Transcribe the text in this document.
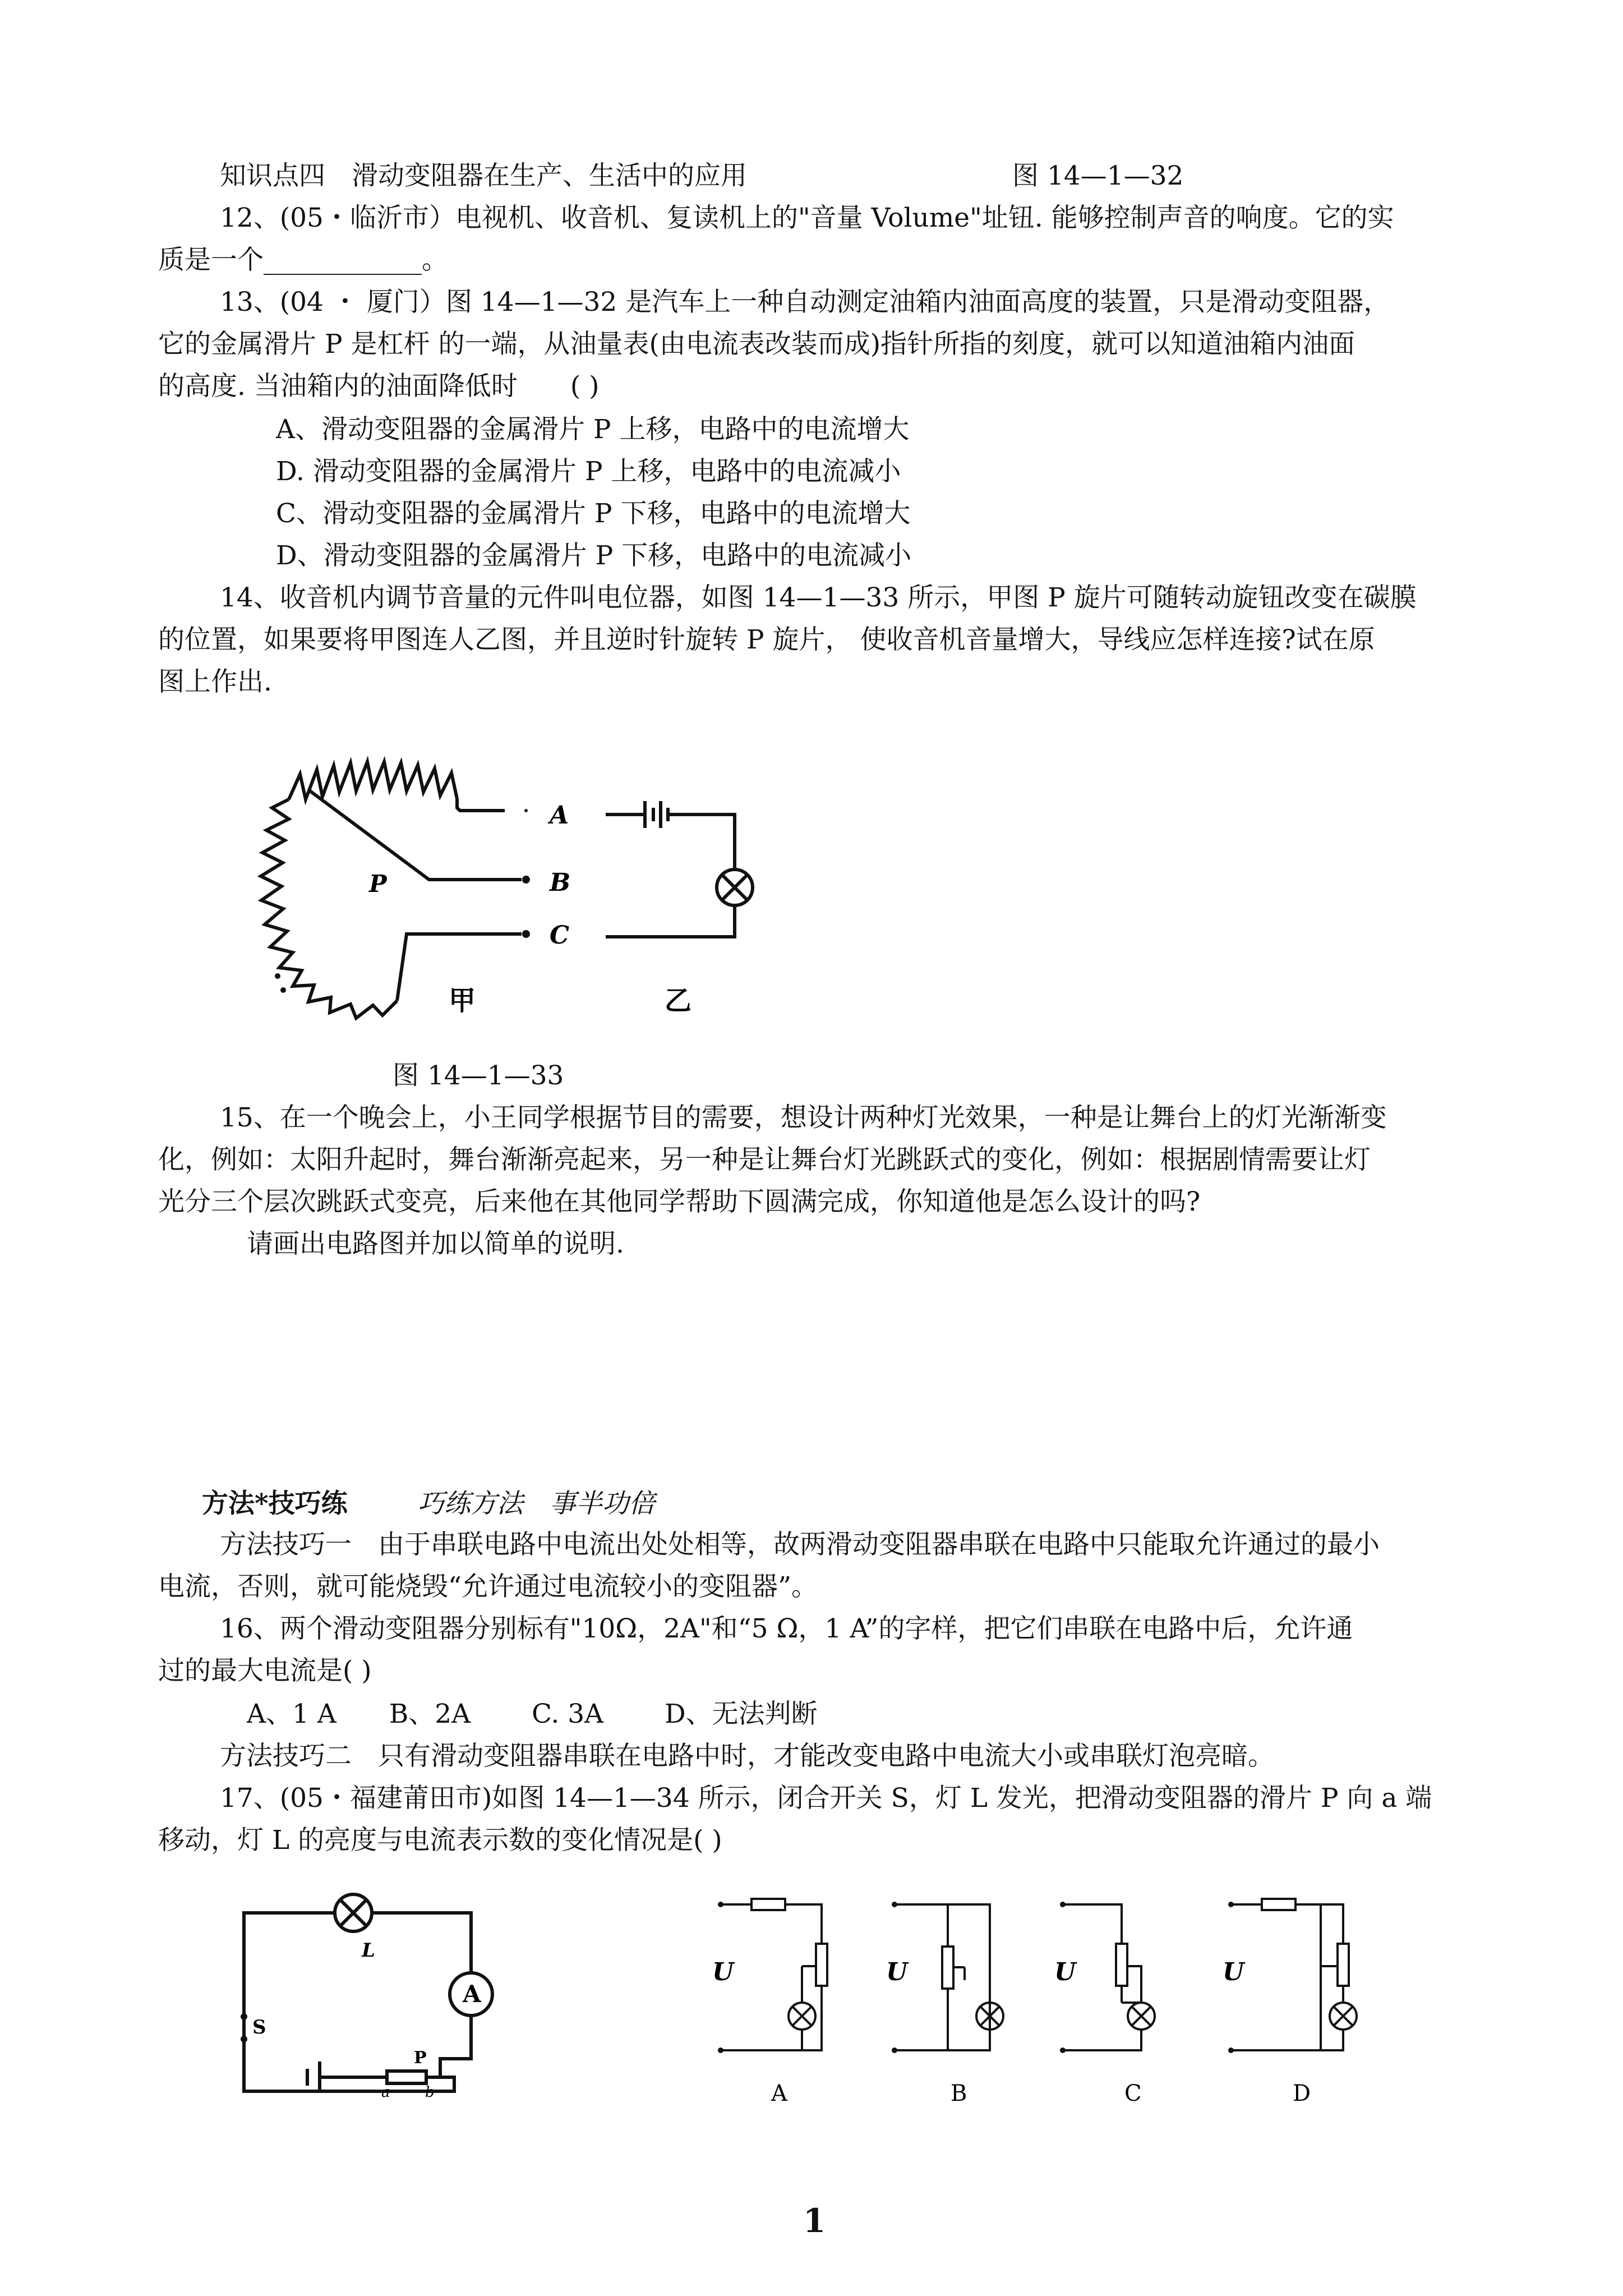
知识点四　滑动变阻器在生产、生活中的应用	图 14—1—32
12、(05・临沂市）电视机、收音机、复读机上的"音量 Volume"址钮. 能够控制声音的响度。它的实
质是一个____________。
13、(04 ・ 厦门）图 14—1—32 是汽车上一种自动测定油箱内油面高度的装置，只是滑动变阻器，
它的金属滑片 P 是杠杆 的一端，从油量表(由电流表改装而成)指针所指的刻度，就可以知道油箱内油面
的高度. 当油箱内的油面降低时　　( )
A、滑动变阻器的金属滑片 P 上移，电路中的电流增大
D. 滑动变阻器的金属滑片 P 上移，电路中的电流减小
C、滑动变阻器的金属滑片 P 下移，电路中的电流增大
D、滑动变阻器的金属滑片 P 下移，电路中的电流减小
14、收音机内调节音量的元件叫电位器，如图 14—1—33 所示，甲图 P 旋片可随转动旋钮改变在碳膜
的位置，如果要将甲图连人乙图，并且逆时针旋转 P 旋片， 使收音机音量增大，导线应怎样连接?试在原
图上作出.
P
A
B
C
甲	乙
图 14—1—33
15、在一个晚会上，小王同学根据节目的需要，想设计两种灯光效果，一种是让舞台上的灯光渐渐变
化，例如：太阳升起时，舞台渐渐亮起来，另一种是让舞台灯光跳跃式的变化，例如：根据剧情需要让灯
光分三个层次跳跃式变亮，后来他在其他同学帮助下圆满完成，你知道他是怎么设计的吗?
请画出电路图并加以简单的说明.
方法*技巧练	巧练方法　事半功倍
方法技巧一　由于串联电路中电流出处处相等，故两滑动变阻器串联在电路中只能取允许通过的最小
电流，否则，就可能烧毁“允许通过电流较小的变阻器”。
16、两个滑动变阻器分别标有"10Ω，2A"和“5 Ω，1 A”的字样，把它们串联在电路中后，允许通
过的最大电流是( )
A、1 A　　B、2A　　 C. 3A　　 D、无法判断
方法技巧二　只有滑动变阻器串联在电路中时，才能改变电路中电流大小或串联灯泡亮暗。
17、(05・福建莆田市)如图 14—1—34 所示，闭合开关 S，灯 L 发光，把滑动变阻器的滑片 P 向 a 端
移动，灯 L 的亮度与电流表示数的变化情况是( )
A
L
S
P
a b
U	U	U	U
A	B	C	D
1
